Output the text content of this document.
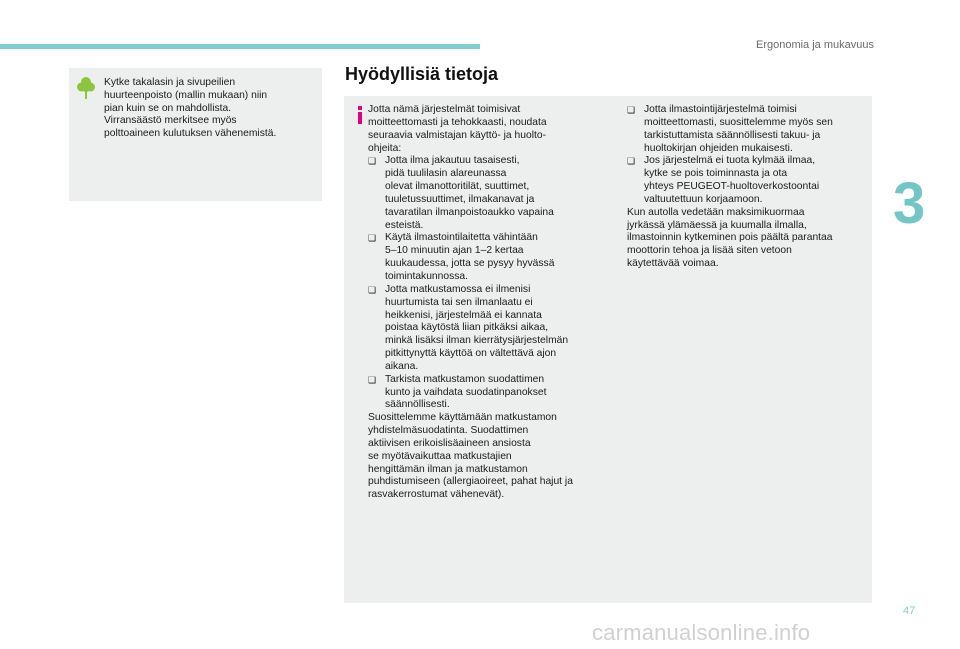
Ergonomia ja mukavuus
3
47
carmanualsonline.info
Kytke takalasin ja sivupeilien
huurteenpoisto (mallin mukaan) niin
pian kuin se on mahdollista.
Virransäästö merkitsee myös
polttoaineen kulutuksen vähenemistä.
Hyödyllisiä tietoja
Jotta nämä järjestelmät toimisivat
moitteettomasti ja tehokkaasti, noudata
seuraavia valmistajan käyttö- ja huolto-
ohjeita:
❑ Jotta ilma jakautuu tasaisesti,
pidä tuulilasin alareunassa
olevat ilmanottoritilät, suuttimet,
tuuletussuuttimet, ilmakanavat ja
tavaratilan ilmanpoistoaukko vapaina
esteistä.
❑ Käytä ilmastointilaitetta vähintään
5–10 minuutin ajan 1–2 kertaa
kuukaudessa, jotta se pysyy hyvässä
toimintakunnossa.
❑ Jotta matkustamossa ei ilmenisi
huurtumista tai sen ilmanlaatu ei
heikkenisi, järjestelmää ei kannata
poistaa käytöstä liian pitkäksi aikaa,
minkä lisäksi ilman kierrätysjärjestelmän
pitkittynyttä käyttöä on vältettävä ajon
aikana.
❑ Tarkista matkustamon suodattimen
kunto ja vaihdata suodatinpanokset
säännöllisesti.
Suosittelemme käyttämään matkustamon
yhdistelmäsuodatinta. Suodattimen
aktiivisen erikoislisäaineen ansiosta
se myötävaikuttaa matkustajien
hengittämän ilman ja matkustamon
puhdistumiseen (allergiaoireet, pahat hajut ja
rasvakerrostumat vähenevät).
❑ Jotta ilmastointijärjestelmä toimisi
moitteettomasti, suosittelemme myös sen
tarkistuttamista säännöllisesti takuu- ja
huoltokirjan ohjeiden mukaisesti.
❑ Jos järjestelmä ei tuota kylmää ilmaa,
kytke se pois toiminnasta ja ota
yhteys PEUGEOT-huoltoverkostoontai
valtuutettuun korjaamoon.
Kun autolla vedetään maksimikuormaa
jyrkässä ylämäessä ja kuumalla ilmalla,
ilmastoinnin kytkeminen pois päältä parantaa
moottorin tehoa ja lisää siten vetoon
käytettävää voimaa.
